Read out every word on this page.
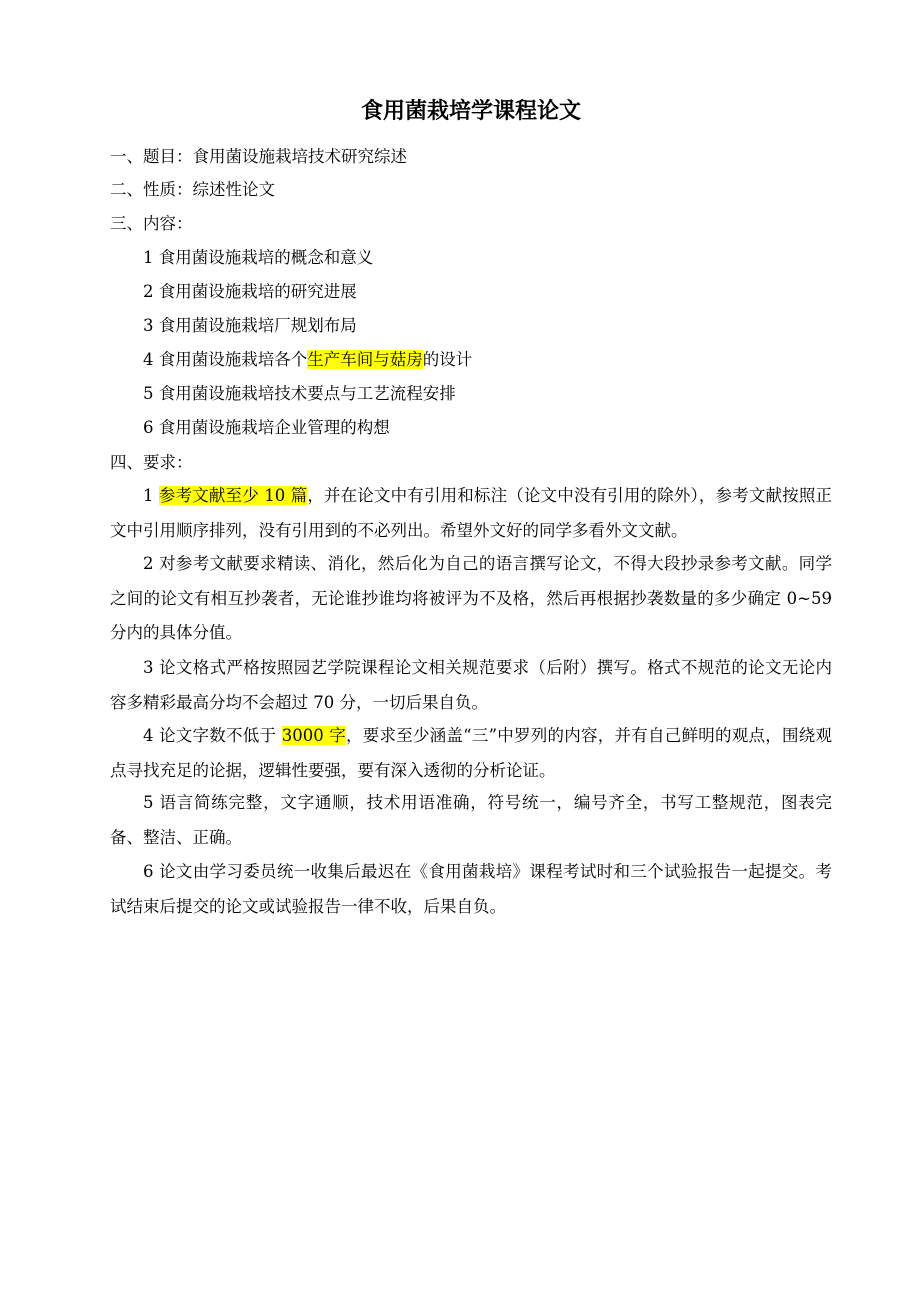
食用菌栽培学课程论文
一、题目：食用菌设施栽培技术研究综述
二、性质：综述性论文
三、内容：
1 食用菌设施栽培的概念和意义
2 食用菌设施栽培的研究进展
3 食用菌设施栽培厂规划布局
4 食用菌设施栽培各个生产车间与菇房的设计
5 食用菌设施栽培技术要点与工艺流程安排
6 食用菌设施栽培企业管理的构想
四、要求：

1 参考文献至少 10 篇，并在论文中有引用和标注（论文中没有引用的除外），参考文献按照正文中引用顺序排列，没有引用到的不必列出。希望外文好的同学多看外文文献。

2 对参考文献要求精读、消化，然后化为自己的语言撰写论文，不得大段抄录参考文献。同学之间的论文有相互抄袭者，无论谁抄谁均将被评为不及格，然后再根据抄袭数量的多少确定 0~59 分内的具体分值。

3 论文格式严格按照园艺学院课程论文相关规范要求（后附）撰写。格式不规范的论文无论内容多精彩最高分均不会超过 70 分，一切后果自负。

4 论文字数不低于 3000 字，要求至少涵盖“三”中罗列的内容，并有自己鲜明的观点，围绕观点寻找充足的论据，逻辑性要强，要有深入透彻的分析论证。

5 语言简练完整，文字通顺，技术用语准确，符号统一，编号齐全，书写工整规范，图表完备、整洁、正确。

6 论文由学习委员统一收集后最迟在《食用菌栽培》课程考试时和三个试验报告一起提交。考试结束后提交的论文或试验报告一律不收，后果自负。
